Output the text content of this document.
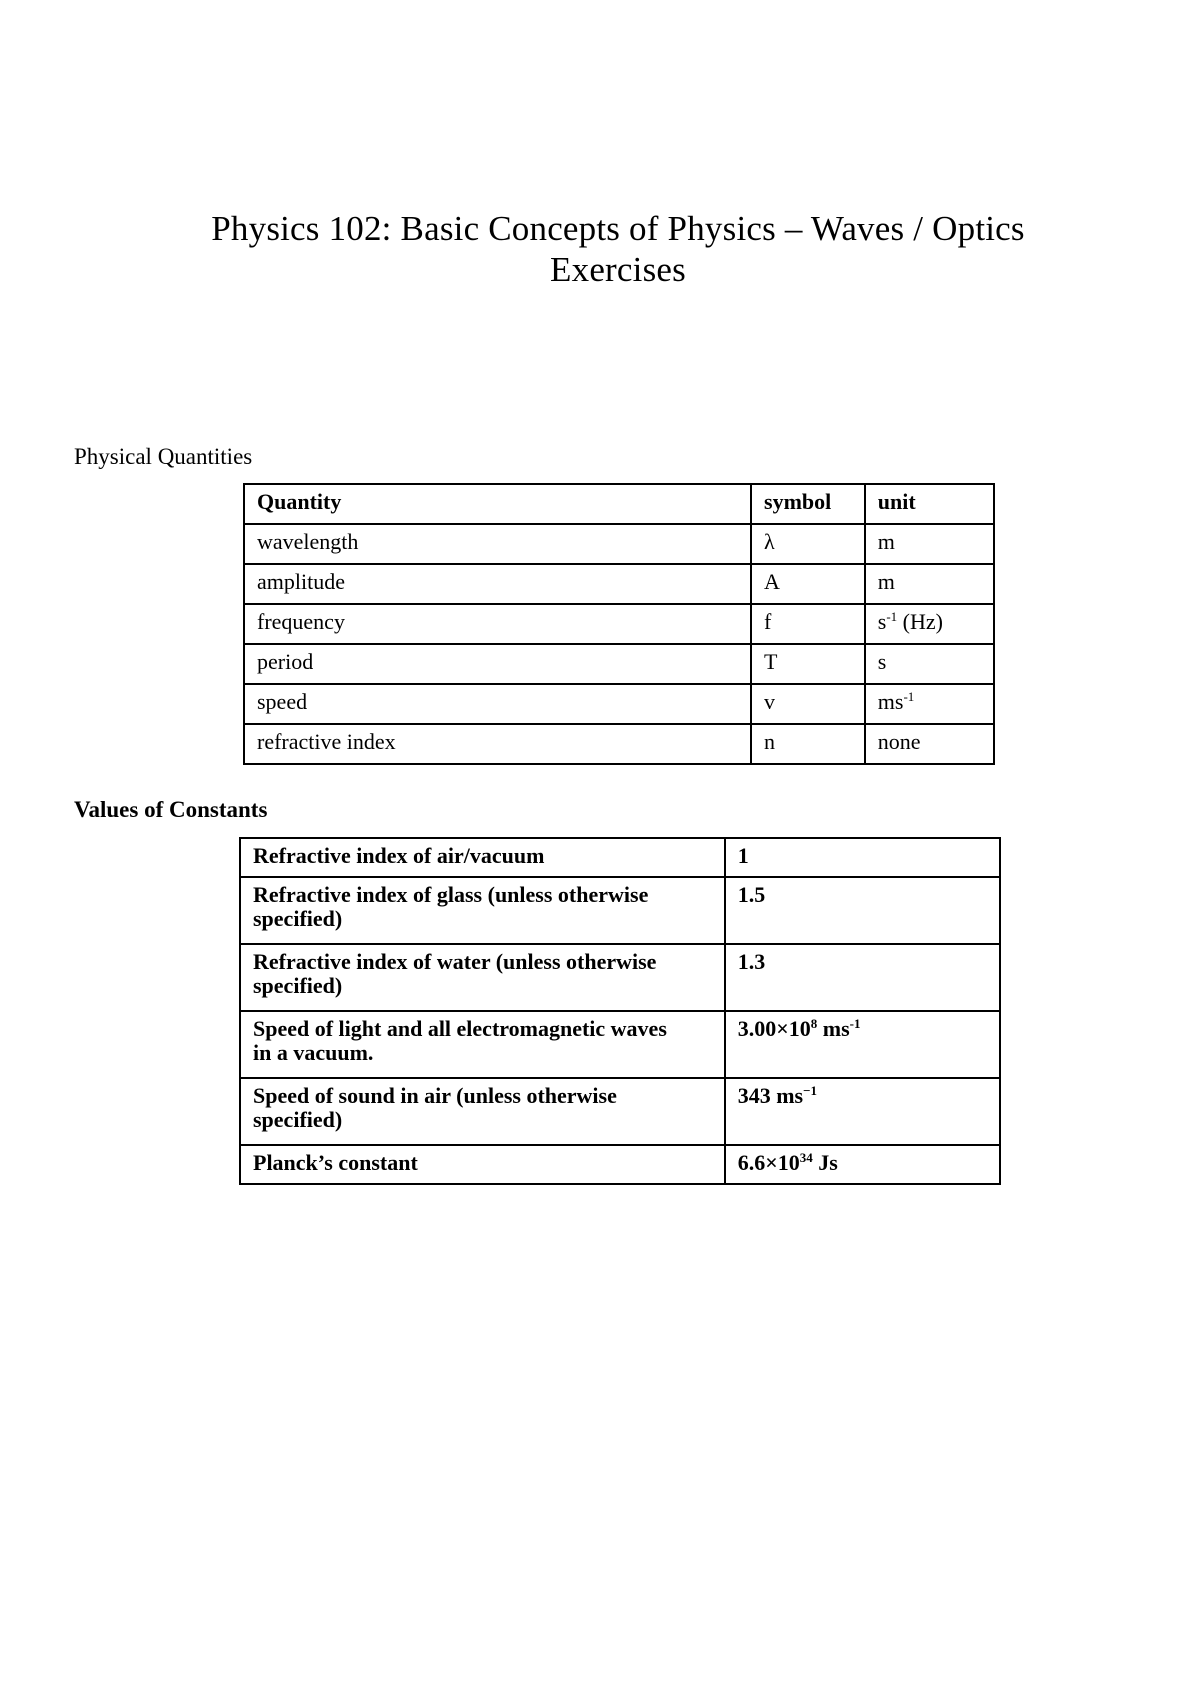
Physics 102: Basic Concepts of Physics – Waves / Optics
Exercises
Physical Quantities
Quantity	symbol	unit
wavelength	λ	m
amplitude	A	m
frequency	f	$s^{-1}$ (Hz)
period	T	s
speed	v	$ms^{-1}$
refractive index	n	none
Values of Constants
Refractive index of air/vacuum	1
Refractive index of glass (unless otherwise
specified)	1.5
Refractive index of water (unless otherwise
specified)	1.3
Speed of light and all electromagnetic waves
in a vacuum.	$3.00\times 10^8$ $ms^{-1}$
Speed of sound in air (unless otherwise
specified)	343 $ms^{-1}$
Planck’s constant	$6.6\times 10^{34}$ Js
